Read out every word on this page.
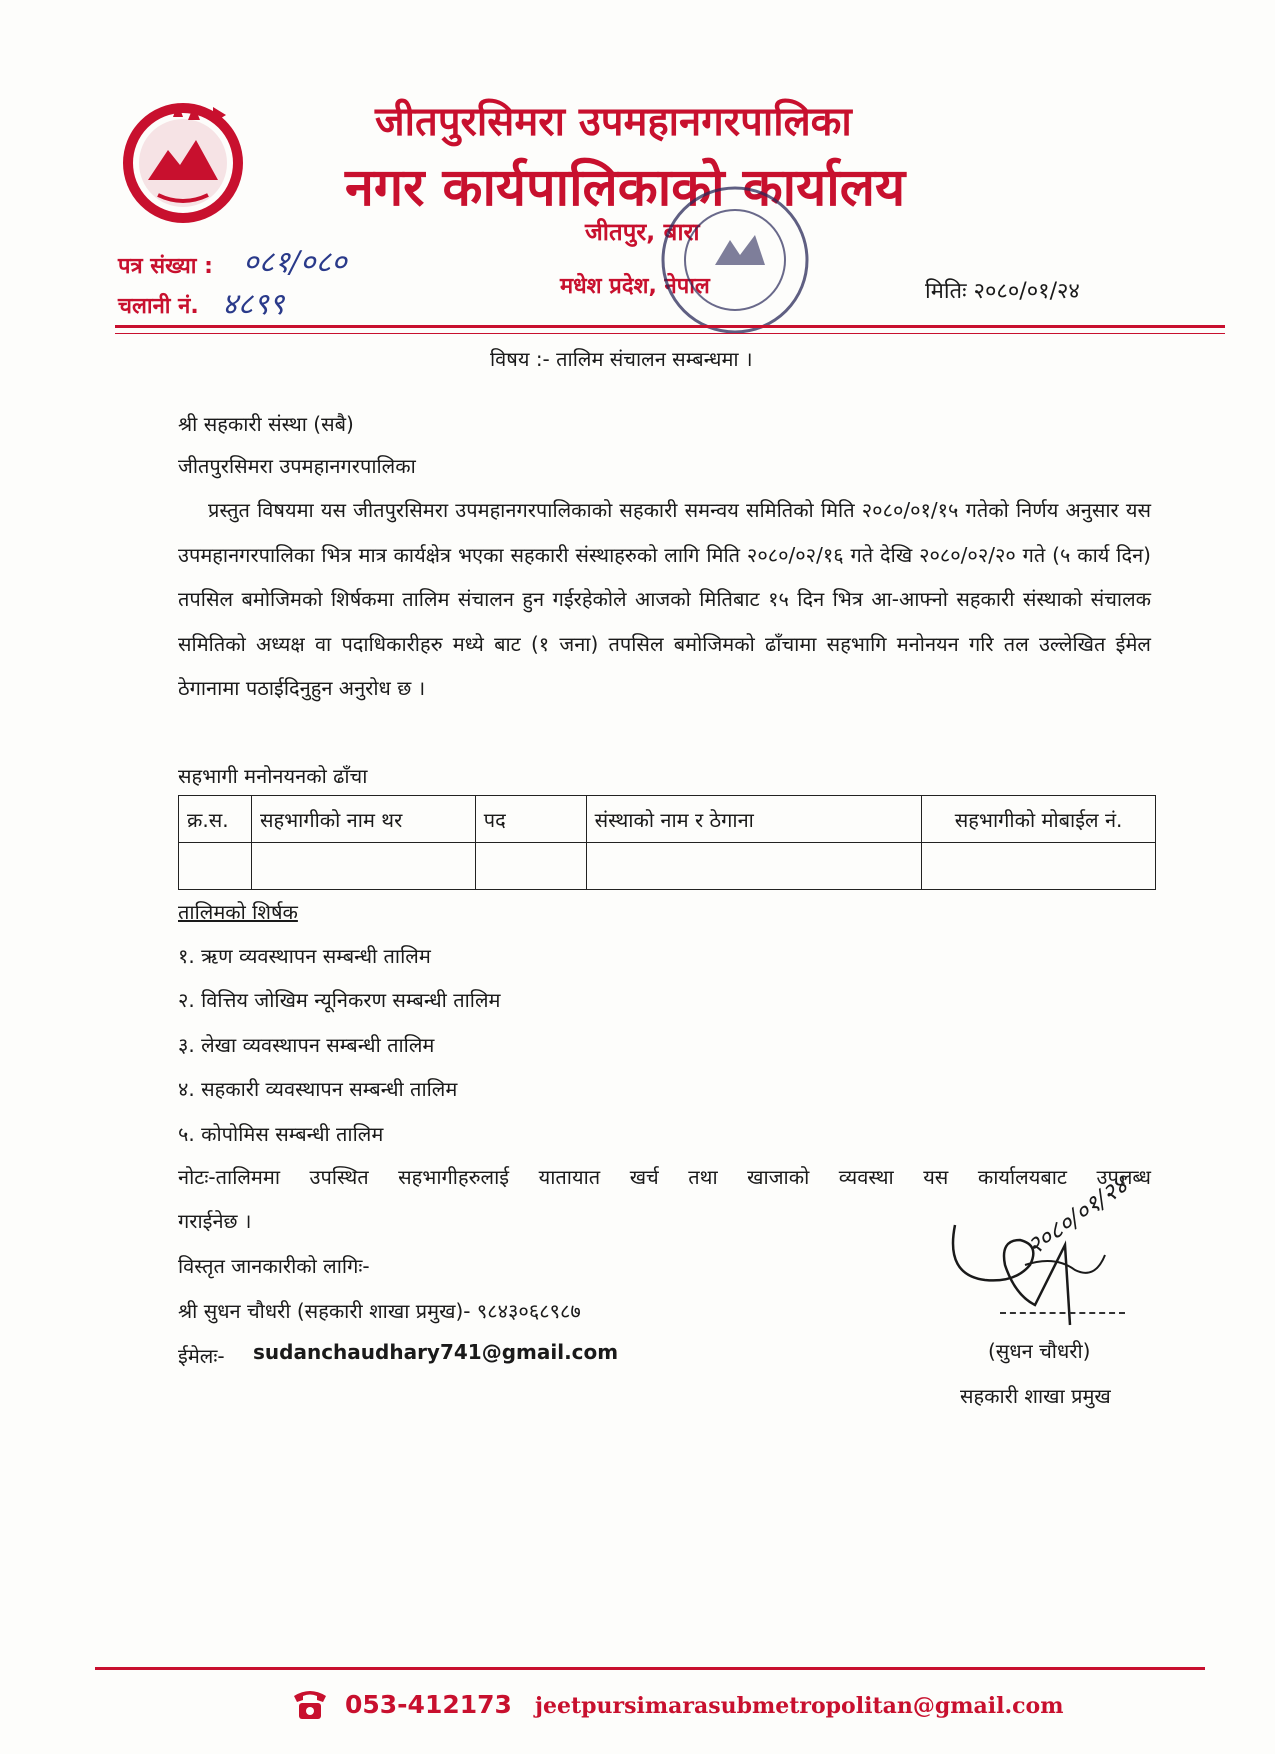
जीतपुरसिमरा उपमहानगरपालिका
नगर कार्यपालिकाको कार्यालय
जीतपुर, बारा
मधेश प्रदेश, नेपाल
पत्र संख्या : ०८१/०८०
चलानी नं. ४८९९	मितिः २०८०/०१/२४
विषय :- तालिम संचालन सम्बन्धमा ।
श्री सहकारी संस्था (सबै)
जीतपुरसिमरा उपमहानगरपालिका
प्रस्तुत विषयमा यस जीतपुरसिमरा उपमहानगरपालिकाको सहकारी समन्वय समितिको मिति २०८०/०१/१५ गतेको निर्णय अनुसार यस उपमहानगरपालिका भित्र मात्र कार्यक्षेत्र भएका सहकारी संस्थाहरुको लागि मिति २०८०/०२/१६ गते देखि २०८०/०२/२० गते (५ कार्य दिन) तपसिल बमोजिमको शिर्षकमा तालिम संचालन हुन गईरहेकोले आजको मितिबाट १५ दिन भित्र आ-आफ्नो सहकारी संस्थाको संचालक समितिको अध्यक्ष वा पदाधिकारीहरु मध्ये बाट (१ जना) तपसिल बमोजिमको ढाँचामा सहभागि मनोनयन गरि तल उल्लेखित ईमेल ठेगानामा पठाईदिनुहुन अनुरोध छ ।
सहभागी मनोनयनको ढाँचा
क्र.स.	सहभागीको नाम थर	पद	संस्थाको नाम र ठेगाना	सहभागीको मोबाईल नं.

तालिमको शिर्षक
१. ऋण व्यवस्थापन सम्बन्धी तालिम
२. वित्तिय जोखिम न्यूनिकरण सम्बन्धी तालिम
३. लेखा व्यवस्थापन सम्बन्धी तालिम
४. सहकारी व्यवस्थापन सम्बन्धी तालिम
५. कोपोमिस सम्बन्धी तालिम
नोटः-तालिममा उपस्थित सहभागीहरुलाई यातायात खर्च तथा खाजाको व्यवस्था यस कार्यालयबाट उपलब्ध
गराईनेछ ।
विस्तृत जानकारीको लागिः-
श्री सुधन चौधरी (सहकारी शाखा प्रमुख)- ९८४३०६८९८७
ईमेलः- sudanchaudhary741@gmail.com
२०८०/०१/२४
(सुधन चौधरी)
सहकारी शाखा प्रमुख
053-412173 jeetpursimarasubmetropolitan@gmail.com
